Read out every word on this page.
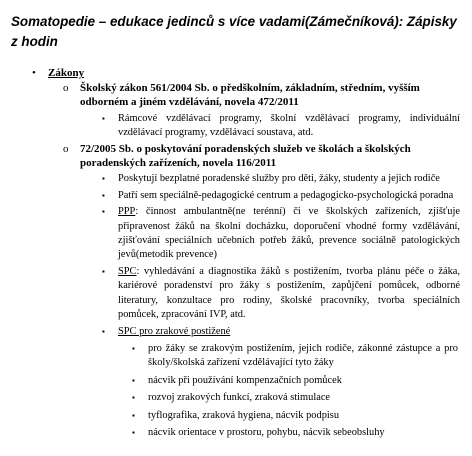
Somatopedie – edukace jedinců s více vadami(Zámečníková): Zápisky z hodin
• Zákony
o Školský zákon 561/2004 Sb. o předškolním, základním, středním, vyšším odborném a jiném vzdělávání, novela 472/2011
▪ Rámcové vzdělávací programy, školní vzdělávací programy, individuální vzdělávací programy, vzdělávací soustava, atd.
o 72/2005 Sb. o poskytování poradenských služeb ve školách a školských poradenských zařízeních, novela 116/2011
▪ Poskytují bezplatné poradenské služby pro děti, žáky, studenty a jejich rodiče
▪ Patří sem speciálně-pedagogické centrum a pedagogicko-psychologická poradna
▪ PPP: činnost ambulantně(ne terénní) či ve školských zařízeních, zjišťuje připravenost žáků na školní docházku, doporučení vhodné formy vzdělávání, zjišťování speciálních učebních potřeb žáků, prevence sociálně patologických jevů(metodik prevence)
▪ SPC: vyhledávání a diagnostika žáků s postižením, tvorba plánu péče o žáka, kariérové poradenství pro žáky s postižením, zapůjčení pomůcek, odborné literatury, konzultace pro rodiny, školské pracovníky, tvorba speciálních pomůcek, zpracování IVP, atd.
▪ SPC pro zrakové postižené
▪ pro žáky se zrakovým postižením, jejich rodiče, zákonné zástupce a pro školy/školská zařízení vzdělávající tyto žáky
▪ nácvik při používání kompenzačních pomůcek
▪ rozvoj zrakových funkcí, zraková stimulace
▪ tyflografika, zraková hygiena, nácvik podpisu
▪ nácvik orientace v prostoru, pohybu, nácvik sebeobsluhy
